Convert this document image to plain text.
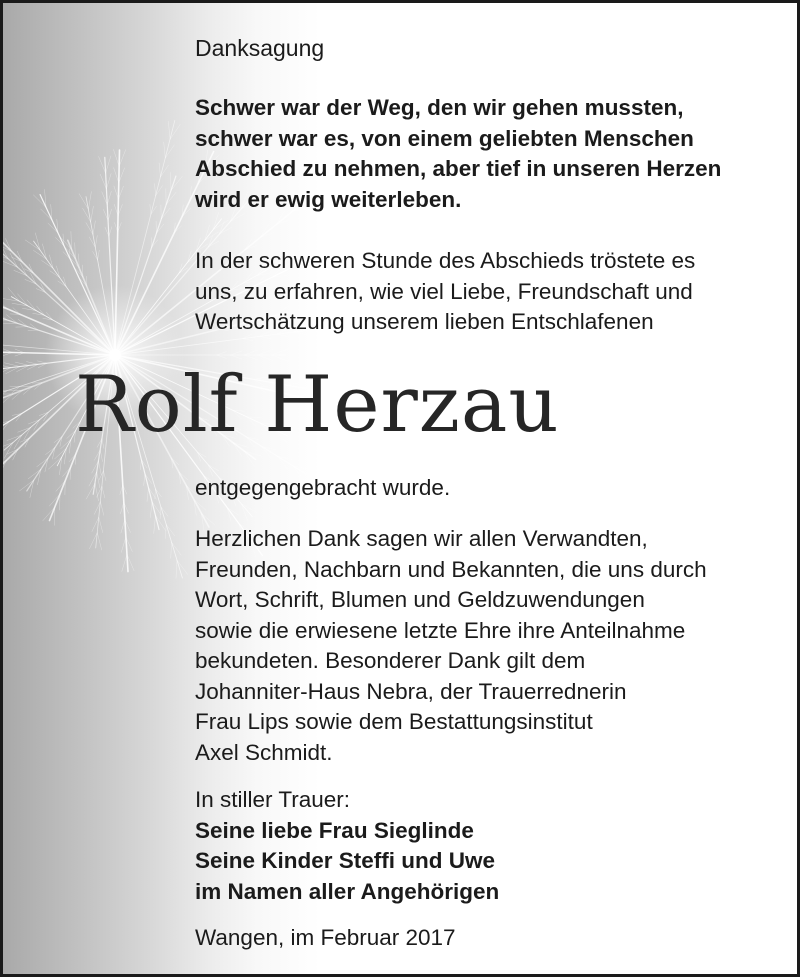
Danksagung

Schwer war der Weg, den wir gehen mussten,
schwer war es, von einem geliebten Menschen
Abschied zu nehmen, aber tief in unseren Herzen
wird er ewig weiterleben.

In der schweren Stunde des Abschieds tröstete es
uns, zu erfahren, wie viel Liebe, Freundschaft und
Wertschätzung unserem lieben Entschlafenen

Rolf Herzau

entgegengebracht wurde.

Herzlichen Dank sagen wir allen Verwandten,
Freunden, Nachbarn und Bekannten, die uns durch
Wort, Schrift, Blumen und Geldzuwendungen
sowie die erwiesene letzte Ehre ihre Anteilnahme
bekundeten. Besonderer Dank gilt dem
Johanniter-Haus Nebra, der Trauerrednerin
Frau Lips sowie dem Bestattungsinstitut
Axel Schmidt.

In stiller Trauer:
Seine liebe Frau Sieglinde
Seine Kinder Steffi und Uwe
im Namen aller Angehörigen

Wangen, im Februar 2017
